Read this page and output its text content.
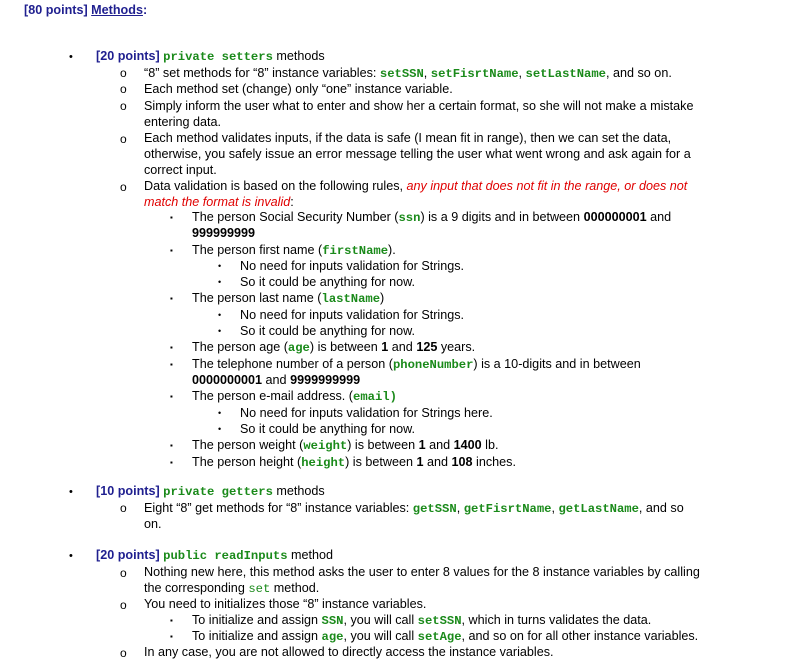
[80 points] Methods:
• [20 points] private setters methods
o “8” set methods for “8” instance variables: setSSN, setFisrtName, setLastName, and so on.
o Each method set (change) only “one” instance variable.
o Simply inform the user what to enter and show her a certain format, so she will not make a mistake
entering data.
o Each method validates inputs, if the data is safe (I mean fit in range), then we can set the data,
otherwise, you safely issue an error message telling the user what went wrong and ask again for a
correct input.
o Data validation is based on the following rules, any input that does not fit in the range, or does not
match the format is invalid:
▪ The person Social Security Number (ssn) is a 9 digits and in between 000000001 and
999999999
▪ The person first name (firstName).
• No need for inputs validation for Strings.
• So it could be anything for now.
▪ The person last name (lastName)
• No need for inputs validation for Strings.
• So it could be anything for now.
▪ The person age (age) is between 1 and 125 years.
▪ The telephone number of a person (phoneNumber) is a 10-digits and in between
0000000001 and 9999999999
▪ The person e-mail address. (email)
• No need for inputs validation for Strings here.
• So it could be anything for now.
▪ The person weight (weight) is between 1 and 1400 lb.
▪ The person height (height) is between 1 and 108 inches.
• [10 points] private getters methods
o Eight “8” get methods for “8” instance variables: getSSN, getFisrtName, getLastName, and so
on.
• [20 points] public readInputs method
o Nothing new here, this method asks the user to enter 8 values for the 8 instance variables by calling
the corresponding set method.
o You need to initializes those “8” instance variables.
▪ To initialize and assign SSN, you will call setSSN, which in turns validates the data.
▪ To initialize and assign age, you will call setAge, and so on for all other instance variables.
o In any case, you are not allowed to directly access the instance variables.
